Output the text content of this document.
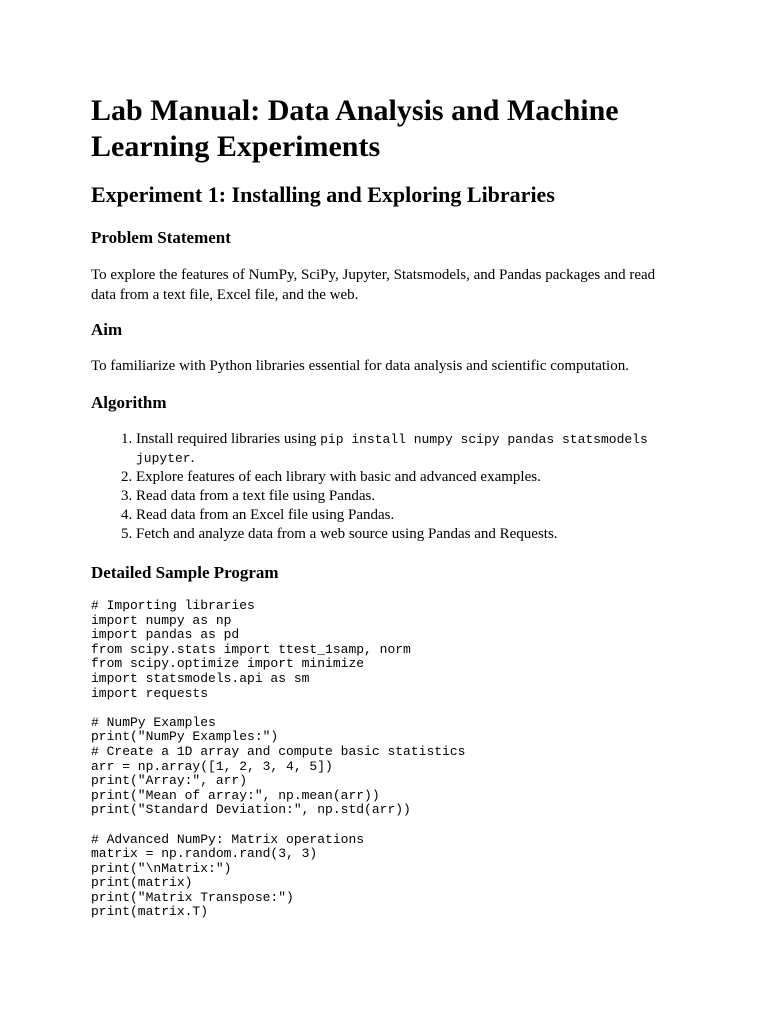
Lab Manual: Data Analysis and Machine Learning Experiments
Experiment 1: Installing and Exploring Libraries
Problem Statement

To explore the features of NumPy, SciPy, Jupyter, Statsmodels, and Pandas packages and read data from a text file, Excel file, and the web.

Aim

To familiarize with Python libraries essential for data analysis and scientific computation.

Algorithm
1. Install required libraries using pip install numpy scipy pandas statsmodels jupyter.
2. Explore features of each library with basic and advanced examples.
3. Read data from a text file using Pandas.
4. Read data from an Excel file using Pandas.
5. Fetch and analyze data from a web source using Pandas and Requests.
Detailed Sample Program
# Importing libraries
import numpy as np
import pandas as pd
from scipy.stats import ttest_1samp, norm
from scipy.optimize import minimize
import statsmodels.api as sm
import requests
# NumPy Examples
print("NumPy Examples:")
# Create a 1D array and compute basic statistics
arr = np.array([1, 2, 3, 4, 5])
print("Array:", arr)
print("Mean of array:", np.mean(arr))
print("Standard Deviation:", np.std(arr))
# Advanced NumPy: Matrix operations
matrix = np.random.rand(3, 3)
print("\nMatrix:")
print(matrix)
print("Matrix Transpose:")
print(matrix.T)
